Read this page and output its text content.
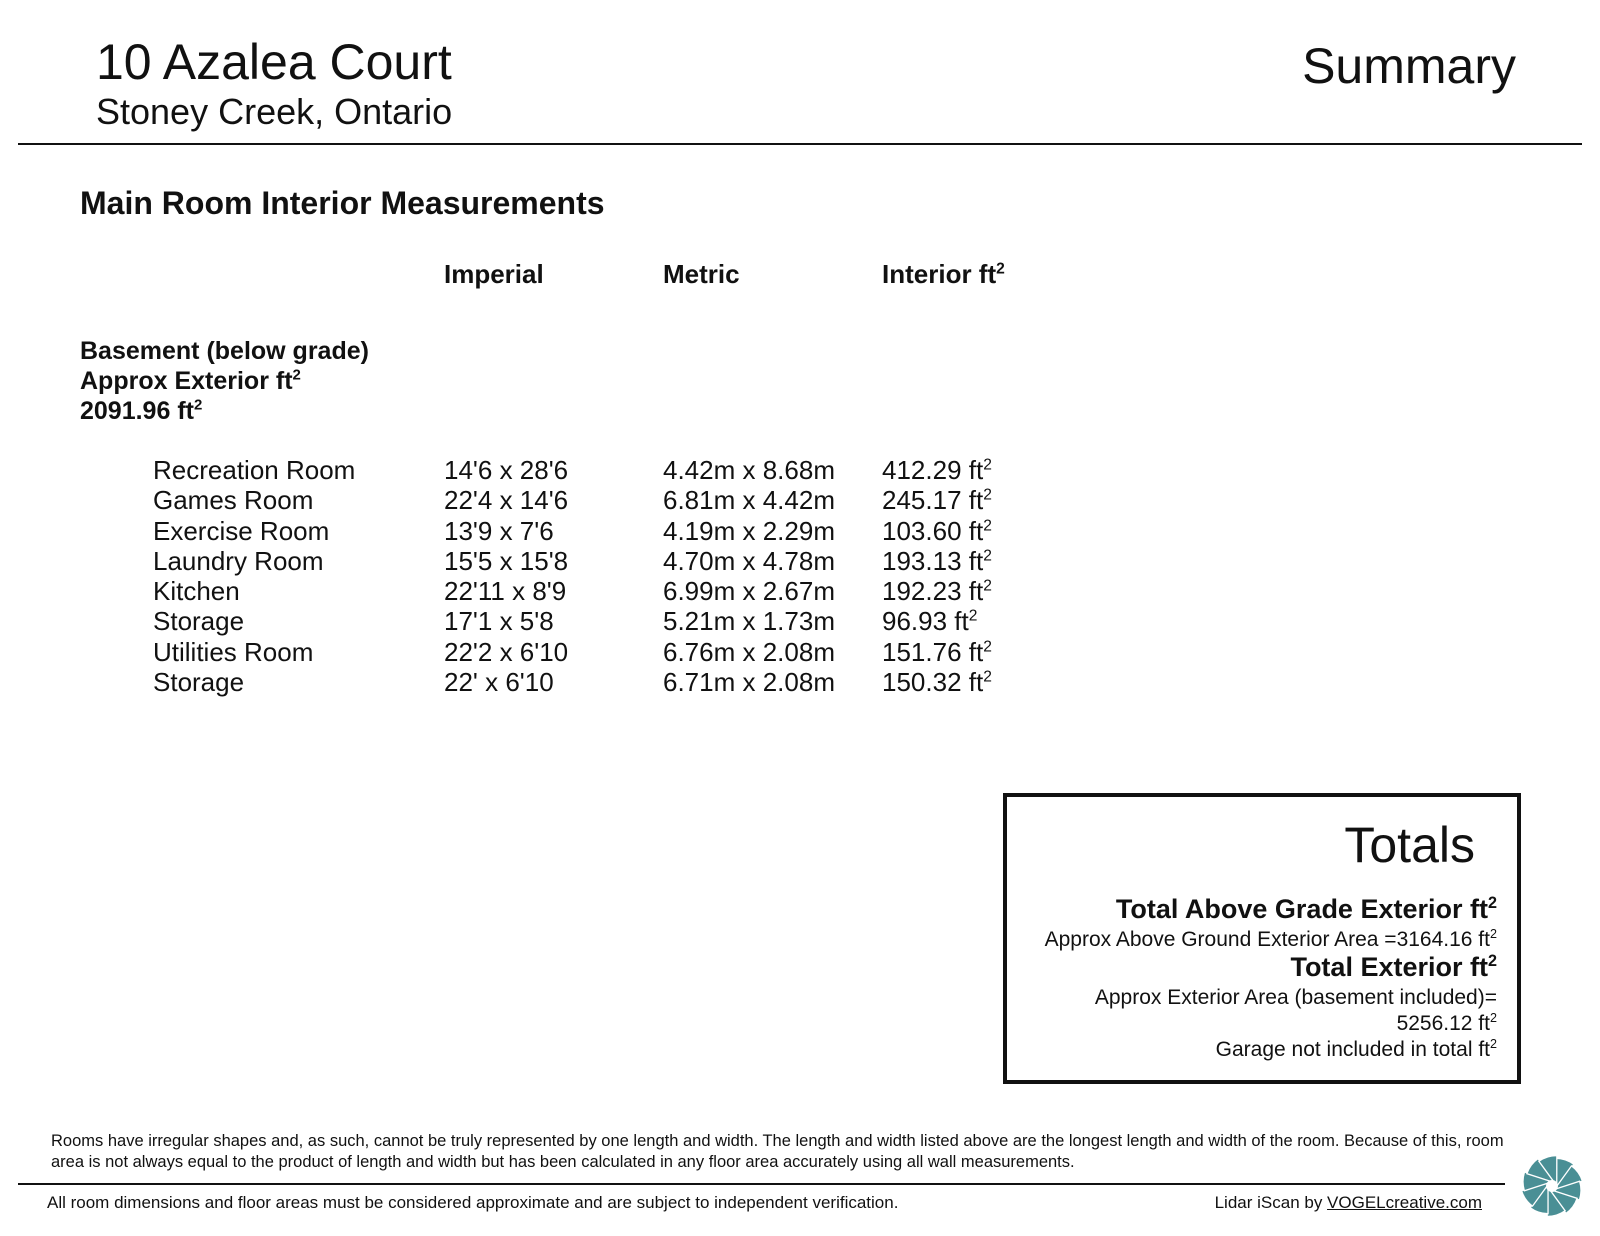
10 Azalea Court
Stoney Creek, Ontario
Summary
Main Room Interior Measurements
Imperial	Metric	Interior $ft^2$
Basement (below grade)
Approx Exterior $ft^2$
2091.96 $ft^2$
Recreation Room	14'6 x 28'6	4.42m x 8.68m 412.29 $ft^2$
Games Room	22'4 x 14'6	6.81m x 4.42m 245.17 $ft^2$
Exercise Room	13'9 x 7'6	4.19m x 2.29m 103.60 $ft^2$
Laundry Room	15'5 x 15'8	4.70m x 4.78m 193.13 $ft^2$
Kitchen	22'11 x 8'9	6.99m x 2.67m 192.23 $ft^2$
Storage	17'1 x 5'8	5.21m x 1.73m 96.93 $ft^2$
Utilities Room	22'2 x 6'10	6.76m x 2.08m 151.76 $ft^2$
Storage	22' x 6'10	6.71m x 2.08m 150.32 $ft^2$
Totals
Total Above Grade Exterior $ft^2$
Approx Above Ground Exterior Area =3164.16 $ft^2$
Total Exterior $ft^2$
Approx Exterior Area (basement included)=
5256.12 $ft^2$
Garage not included in total $ft^2$
Rooms have irregular shapes and, as such, cannot be truly represented by one length and width. The length and width listed above are the longest length and width of the room. Because of this, room area is not always equal to the product of length and width but has been calculated in any floor area accurately using all wall measurements.
All room dimensions and floor areas must be considered approximate and are subject to independent verification.	Lidar iScan by VOGELcreative.com
